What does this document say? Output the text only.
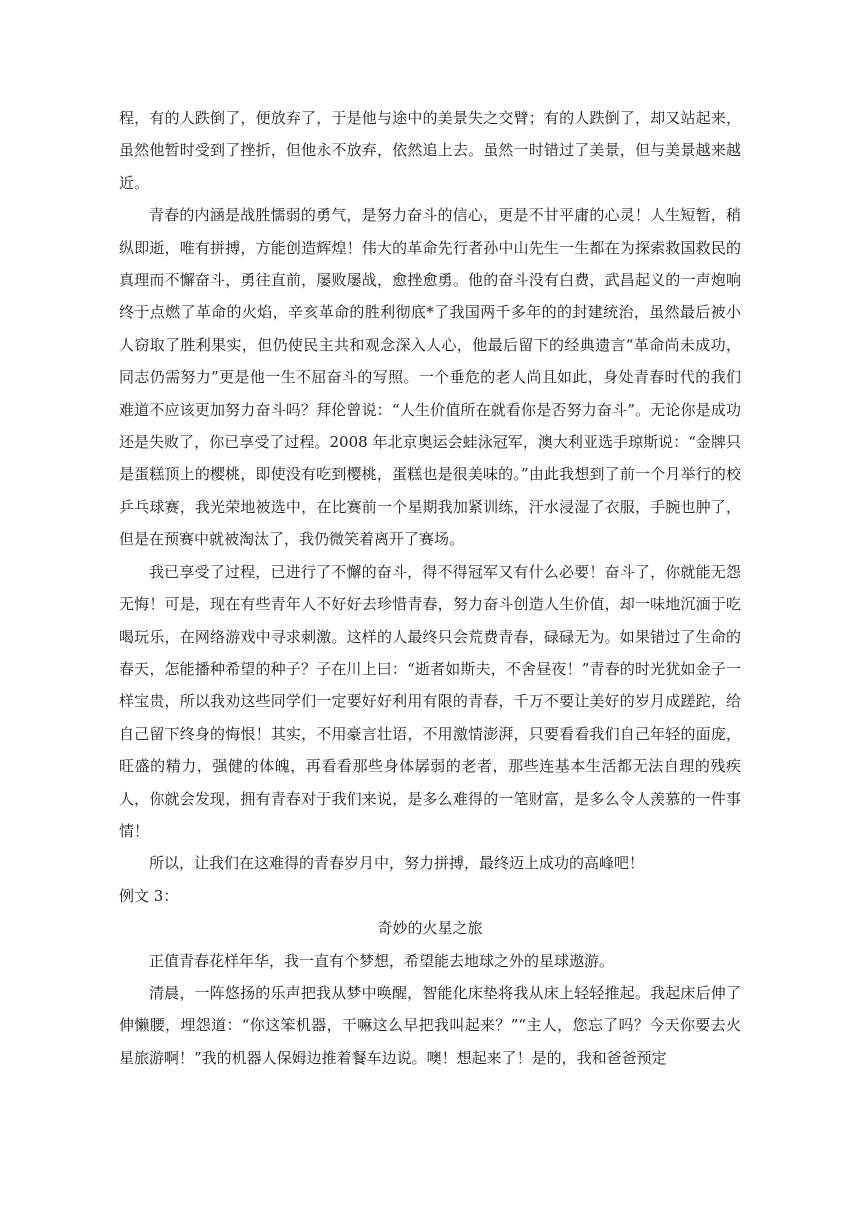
程，有的人跌倒了，便放弃了，于是他与途中的美景失之交臂；有的人跌倒了，却又站起来，虽然他暂时受到了挫折，但他永不放弃，依然追上去。虽然一时错过了美景，但与美景越来越近。

青春的内涵是战胜懦弱的勇气，是努力奋斗的信心，更是不甘平庸的心灵！人生短暂，稍纵即逝，唯有拼搏，方能创造辉煌！伟大的革命先行者孙中山先生一生都在为探索救国救民的真理而不懈奋斗，勇往直前，屡败屡战，愈挫愈勇。他的奋斗没有白费，武昌起义的一声炮响终于点燃了革命的火焰，辛亥革命的胜利彻底*了我国两千多年的的封建统治，虽然最后被小人窃取了胜利果实，但仍使民主共和观念深入人心，他最后留下的经典遗言“革命尚未成功，同志仍需努力”更是他一生不屈奋斗的写照。一个垂危的老人尚且如此，身处青春时代的我们难道不应该更加努力奋斗吗？拜伦曾说：“人生价值所在就看你是否努力奋斗”。无论你是成功还是失败了，你已享受了过程。2008 年北京奥运会蛙泳冠军，澳大利亚选手琼斯说：“金牌只是蛋糕顶上的樱桃，即使没有吃到樱桃，蛋糕也是很美味的。”由此我想到了前一个月举行的校乒乓球赛，我光荣地被选中，在比赛前一个星期我加紧训练，汗水浸湿了衣服，手腕也肿了，但是在预赛中就被淘汰了，我仍微笑着离开了赛场。

我已享受了过程，已进行了不懈的奋斗，得不得冠军又有什么必要！奋斗了，你就能无怨无悔！可是，现在有些青年人不好好去珍惜青春，努力奋斗创造人生价值，却一味地沉湎于吃喝玩乐，在网络游戏中寻求刺激。这样的人最终只会荒费青春，碌碌无为。如果错过了生命的春天，怎能播种希望的种子？子在川上曰：“逝者如斯夫，不舍昼夜！”青春的时光犹如金子一样宝贵，所以我劝这些同学们一定要好好利用有限的青春，千万不要让美好的岁月成蹉跎，给自己留下终身的悔恨！其实，不用豪言壮语，不用激情澎湃，只要看看我们自己年轻的面庞，旺盛的精力，强健的体魄，再看看那些身体孱弱的老者，那些连基本生活都无法自理的残疾人，你就会发现，拥有青春对于我们来说，是多么难得的一笔财富，是多么令人羡慕的一件事情！

所以，让我们在这难得的青春岁月中，努力拼搏，最终迈上成功的高峰吧！

例文 3：

奇妙的火星之旅

正值青春花样年华，我一直有个梦想，希望能去地球之外的星球遨游。

清晨，一阵悠扬的乐声把我从梦中唤醒，智能化床垫将我从床上轻轻推起。我起床后伸了伸懒腰，埋怨道：“你这笨机器，干嘛这么早把我叫起来？”“主人，您忘了吗？今天你要去火星旅游啊！”我的机器人保姆边推着餐车边说。噢！想起来了！是的，我和爸爸预定
